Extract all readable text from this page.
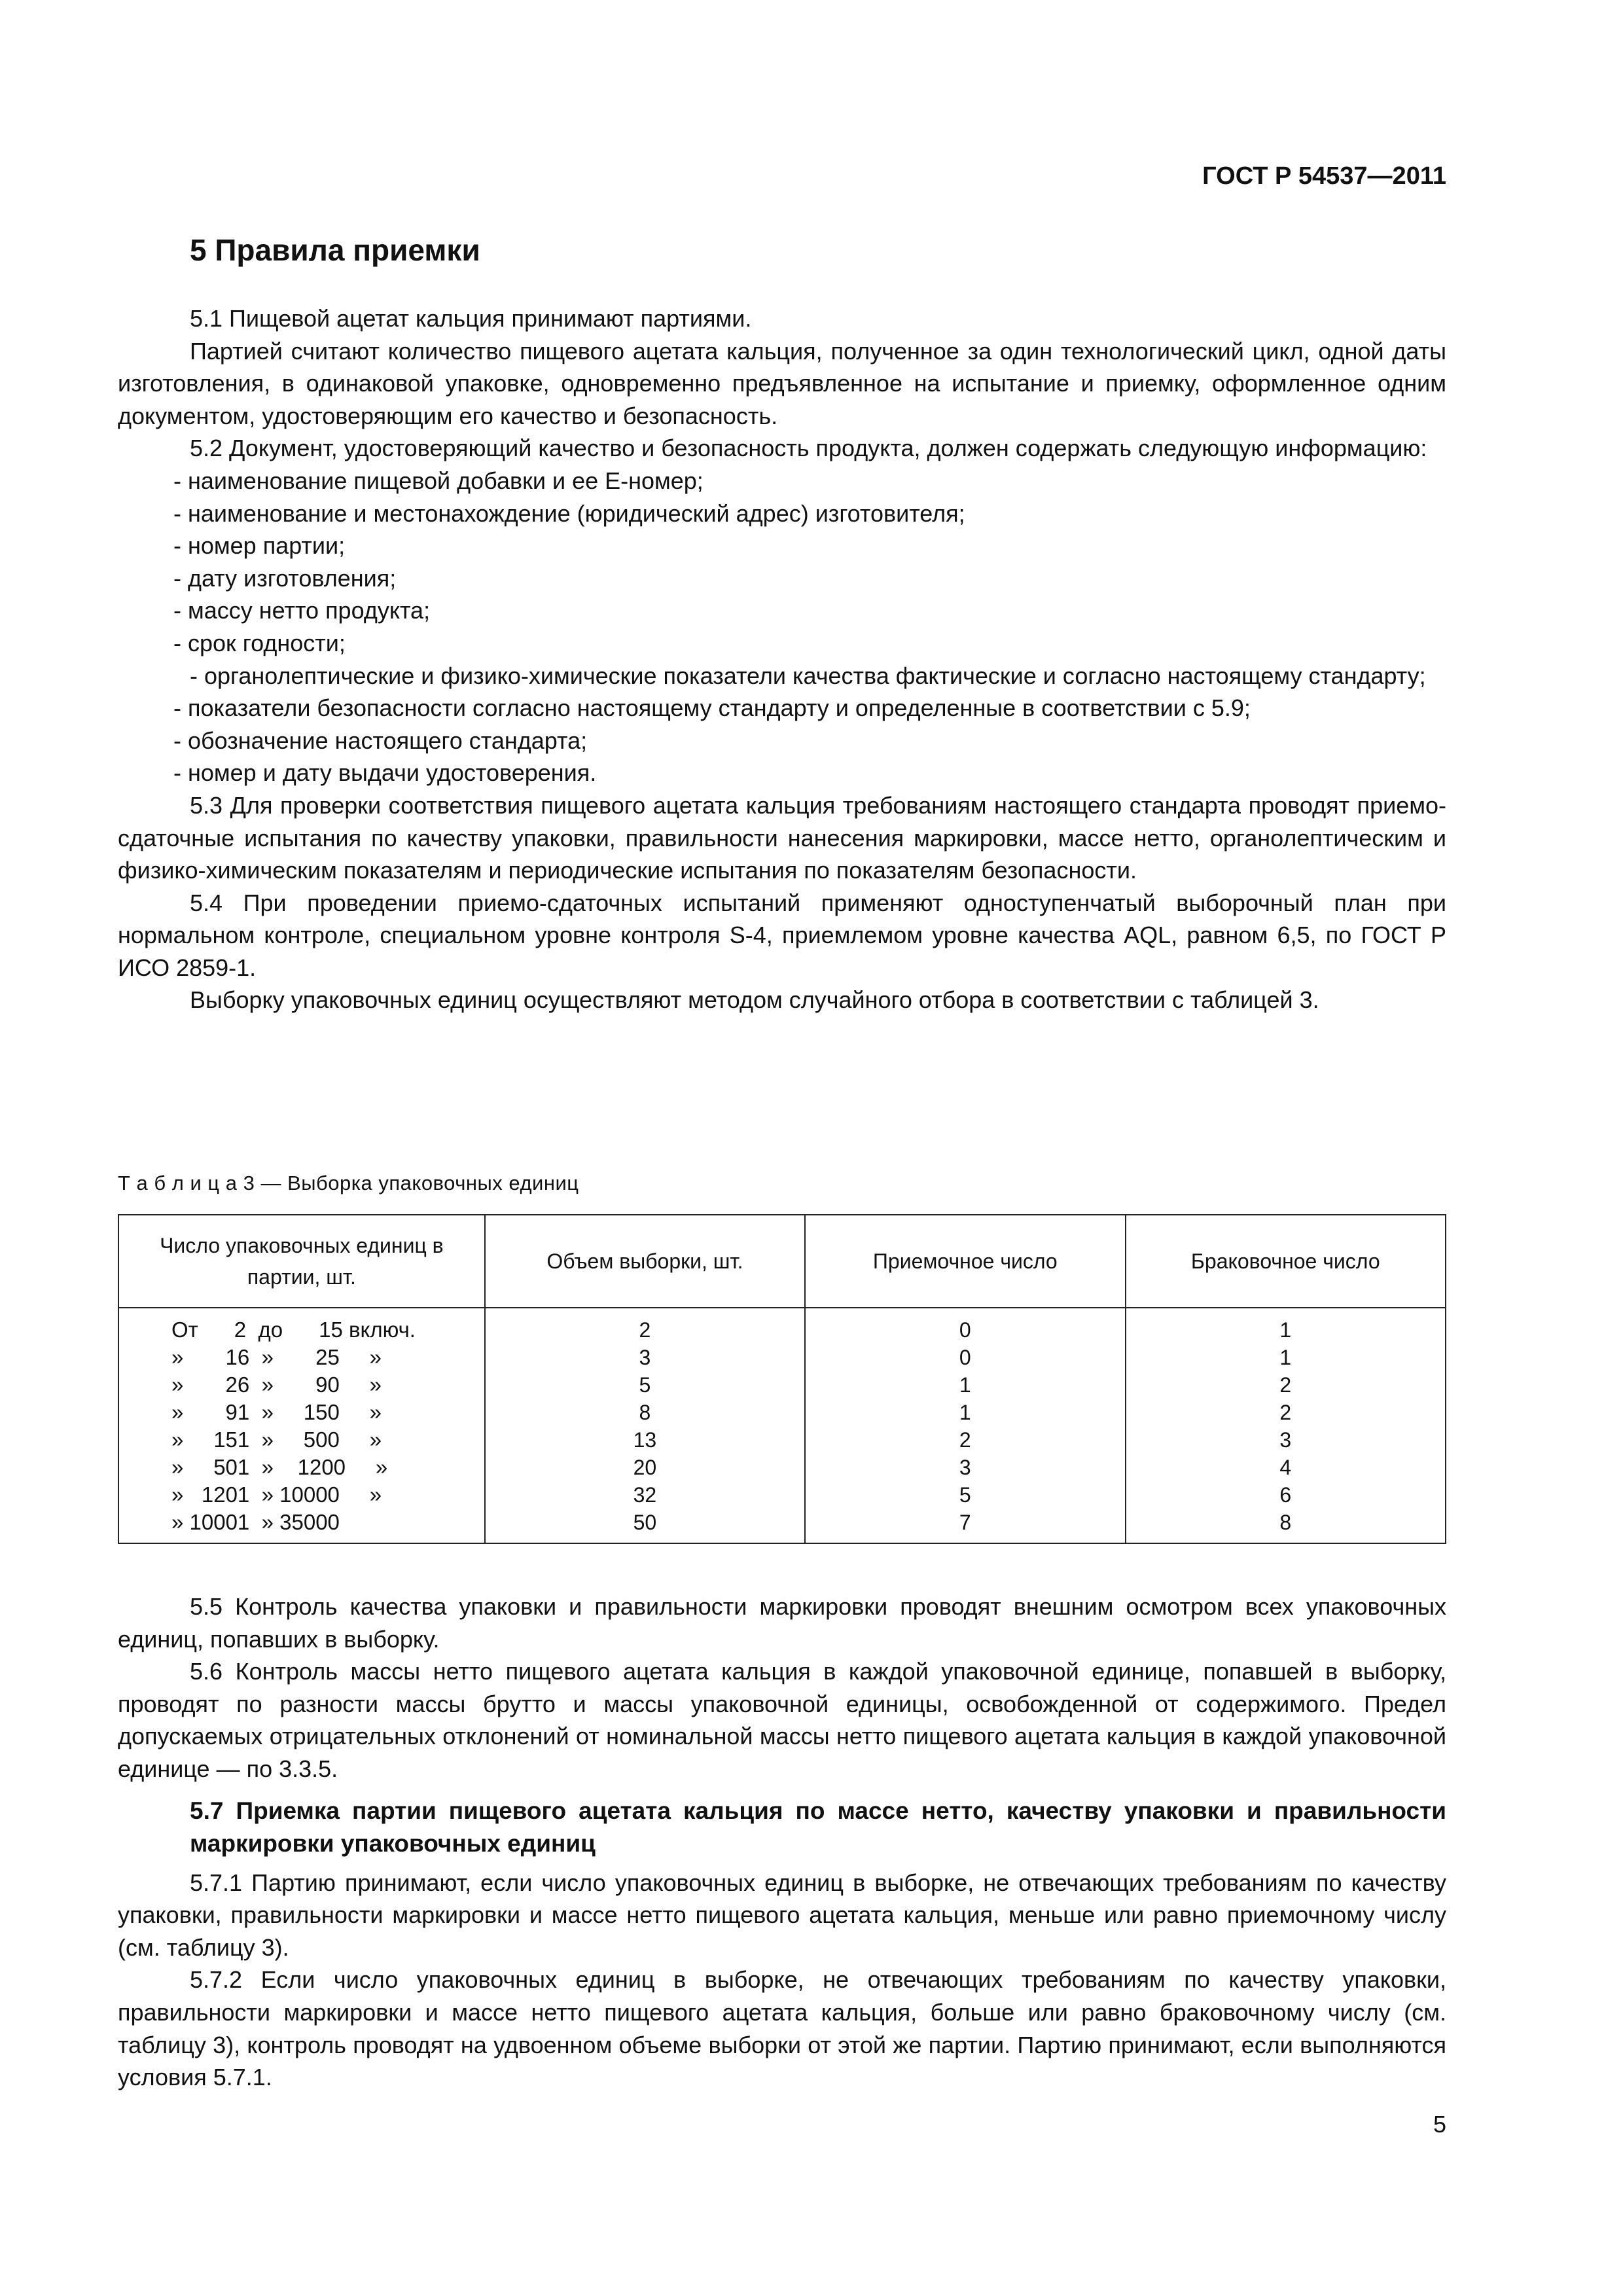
ГОСТ Р 54537—2011
5 Правила приемки

5.1 Пищевой ацетат кальция принимают партиями.

Партией считают количество пищевого ацетата кальция, полученное за один технологический цикл, одной даты изготовления, в одинаковой упаковке, одновременно предъявленное на испытание и приемку, оформленное одним документом, удостоверяющим его качество и безопасность.

5.2 Документ, удостоверяющий качество и безопасность продукта, должен содержать следующую информацию:

- наименование пищевой добавки и ее Е-номер;

- наименование и местонахождение (юридический адрес) изготовителя;

- номер партии;

- дату изготовления;

- массу нетто продукта;

- срок годности;

- органолептические и физико-химические показатели качества фактические и согласно настоящему стандарту;

- показатели безопасности согласно настоящему стандарту и определенные в соответствии с 5.9;

- обозначение настоящего стандарта;

- номер и дату выдачи удостоверения.

5.3 Для проверки соответствия пищевого ацетата кальция требованиям настоящего стандарта проводят приемо-сдаточные испытания по качеству упаковки, правильности нанесения маркировки, массе нетто, органолептическим и физико-химическим показателям и периодические испытания по показателям безопасности.

5.4 При проведении приемо-сдаточных испытаний применяют одноступенчатый выборочный план при нормальном контроле, специальном уровне контроля S-4, приемлемом уровне качества AQL, равном 6,5, по ГОСТ Р ИСО 2859-1.

Выборку упаковочных единиц осуществляют методом случайного отбора в соответствии с таблицей 3.

Т а б л и ц а 3 — Выборка упаковочных единиц
Число упаковочных единиц в партии, шт.	Объем выборки, шт.	Приемочное число	Браковочное число
От      2  до      15 включ.	2	0	1
»       16  »       25     »	3	0	1
»       26  »       90     »	5	1	2
»       91  »     150     »	8	1	2
»     151  »     500     »	13	2	3
»     501  »    1200     »	20	3	4
»   1201  » 10000     »	32	5	6
» 10001  » 35000	50	7	8

5.5 Контроль качества упаковки и правильности маркировки проводят внешним осмотром всех упаковочных единиц, попавших в выборку.

5.6 Контроль массы нетто пищевого ацетата кальция в каждой упаковочной единице, попавшей в выборку, проводят по разности массы брутто и массы упаковочной единицы, освобожденной от содержимого. Предел допускаемых отрицательных отклонений от номинальной массы нетто пищевого ацетата кальция в каждой упаковочной единице — по 3.3.5.

5.7 Приемка партии пищевого ацетата кальция по массе нетто, качеству упаковки и правильности маркировки упаковочных единиц

5.7.1 Партию принимают, если число упаковочных единиц в выборке, не отвечающих требованиям по качеству упаковки, правильности маркировки и массе нетто пищевого ацетата кальция, меньше или равно приемочному числу (см. таблицу 3).

5.7.2 Если число упаковочных единиц в выборке, не отвечающих требованиям по качеству упаковки, правильности маркировки и массе нетто пищевого ацетата кальция, больше или равно браковочному числу (см. таблицу 3), контроль проводят на удвоенном объеме выборки от этой же партии. Партию принимают, если выполняются условия 5.7.1.

5
